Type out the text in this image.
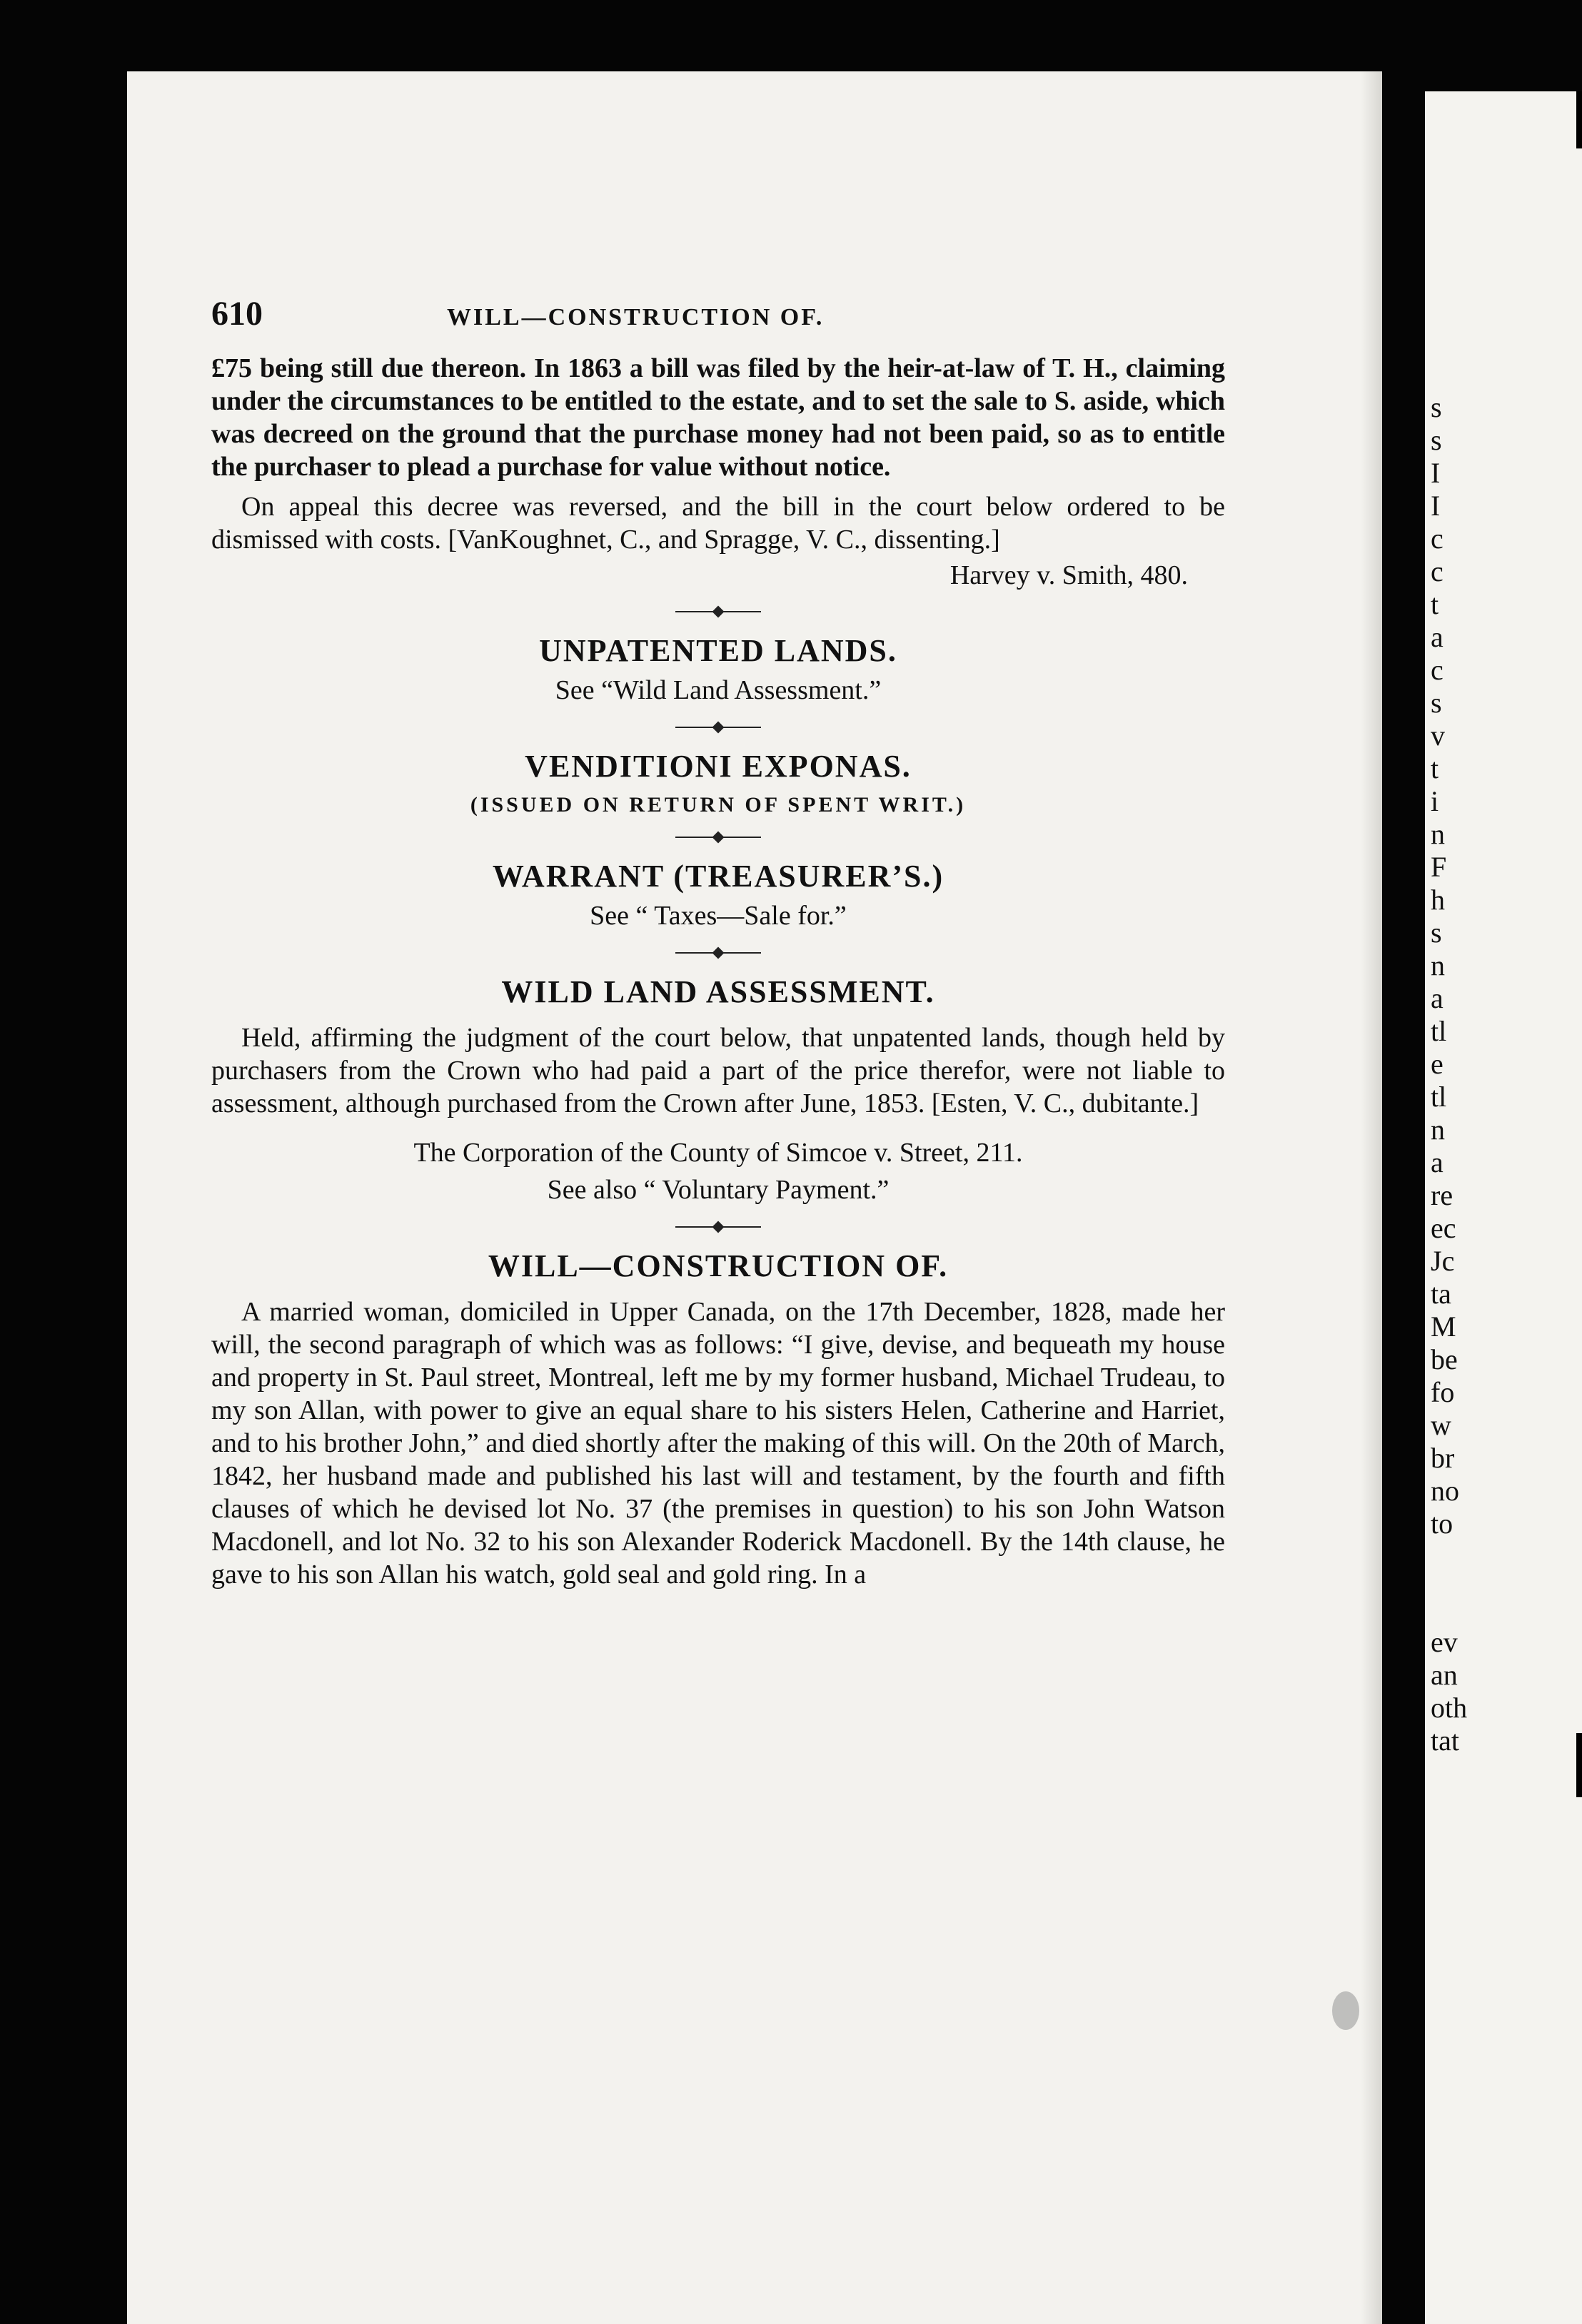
s
s
I
I
c
c
t
a
c
s
v
t
i
n
F
h
s
n
a
tl
e
tl
n
a
re
ec
Jc
ta
M
be
fo
w
br
no
to
ev
an
oth
tat
610	WILL—CONSTRUCTION OF.

£75 being still due thereon. In 1863 a bill was filed by the heir-at-law of T. H., claiming under the circumstances to be entitled to the estate, and to set the sale to S. aside, which was decreed on the ground that the purchase money had not been paid, so as to entitle the purchaser to plead a purchase for value without notice.

On appeal this decree was reversed, and the bill in the court below ordered to be dismissed with costs. [VanKoughnet, C., and Spragge, V. C., dissenting.]

Harvey v. Smith, 480.
UNPATENTED LANDS.

See “Wild Land Assessment.”

VENDITIONI EXPONAS.

(ISSUED ON RETURN OF SPENT WRIT.)

WARRANT (TREASURER’S.)

See “ Taxes—Sale for.”

WILD LAND ASSESSMENT.

Held, affirming the judgment of the court below, that unpatented lands, though held by purchasers from the Crown who had paid a part of the price therefor, were not liable to assessment, although purchased from the Crown after June, 1853. [Esten, V. C., dubitante.]

The Corporation of the County of Simcoe v. Street, 211.

See also “ Voluntary Payment.”

WILL—CONSTRUCTION OF.

A married woman, domiciled in Upper Canada, on the 17th December, 1828, made her will, the second paragraph of which was as follows: “I give, devise, and bequeath my house and property in St. Paul street, Montreal, left me by my former husband, Michael Trudeau, to my son Allan, with power to give an equal share to his sisters Helen, Catherine and Harriet, and to his brother John,” and died shortly after the making of this will. On the 20th of March, 1842, her husband made and published his last will and testament, by the fourth and fifth clauses of which he devised lot No. 37 (the premises in question) to his son John Watson Macdonell, and lot No. 32 to his son Alexander Roderick Macdonell. By the 14th clause, he gave to his son Allan his watch, gold seal and gold ring. In a
